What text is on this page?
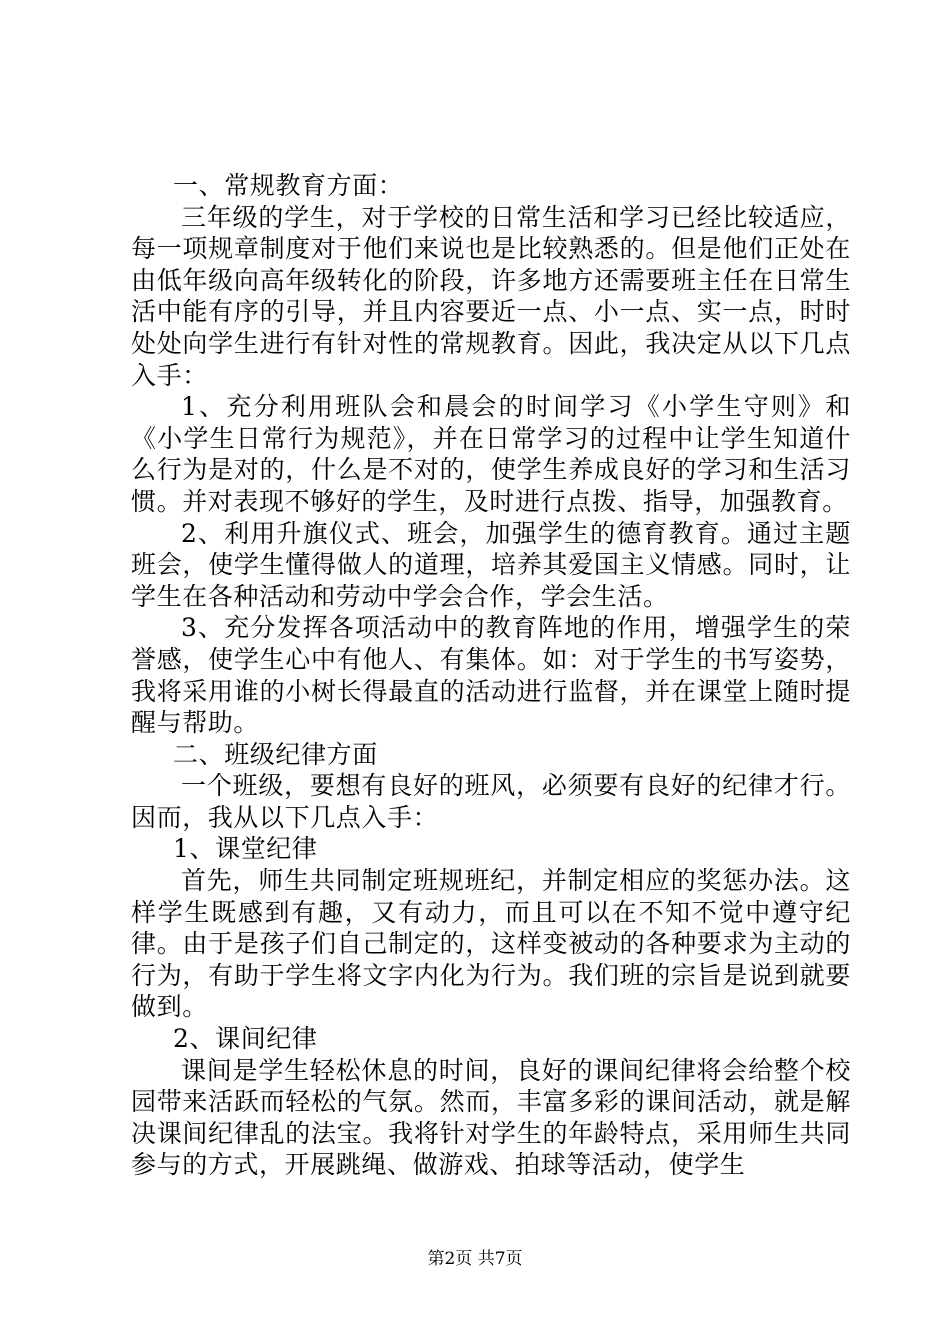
一、常规教育方面：

三年级的学生，对于学校的日常生活和学习已经比较适应，每一项规章制度对于他们来说也是比较熟悉的。但是他们正处在由低年级向高年级转化的阶段，许多地方还需要班主任在日常生活中能有序的引导，并且内容要近一点、小一点、实一点，时时处处向学生进行有针对性的常规教育。因此，我决定从以下几点入手：

1、充分利用班队会和晨会的时间学习《小学生守则》和《小学生日常行为规范》，并在日常学习的过程中让学生知道什么行为是对的，什么是不对的，使学生养成良好的学习和生活习惯。并对表现不够好的学生，及时进行点拨、指导，加强教育。

2、利用升旗仪式、班会，加强学生的德育教育。通过主题班会，使学生懂得做人的道理，培养其爱国主义情感。同时，让学生在各种活动和劳动中学会合作，学会生活。

3、充分发挥各项活动中的教育阵地的作用，增强学生的荣誉感，使学生心中有他人、有集体。如：对于学生的书写姿势，我将采用谁的小树长得最直的活动进行监督，并在课堂上随时提醒与帮助。

二、班级纪律方面

一个班级，要想有良好的班风，必须要有良好的纪律才行。因而，我从以下几点入手：

1、课堂纪律

首先，师生共同制定班规班纪，并制定相应的奖惩办法。这样学生既感到有趣，又有动力，而且可以在不知不觉中遵守纪律。由于是孩子们自己制定的，这样变被动的各种要求为主动的行为，有助于学生将文字内化为行为。我们班的宗旨是说到就要做到。

2、课间纪律

课间是学生轻松休息的时间，良好的课间纪律将会给整个校园带来活跃而轻松的气氛。然而，丰富多彩的课间活动，就是解决课间纪律乱的法宝。我将针对学生的年龄特点，采用师生共同参与的方式，开展跳绳、做游戏、拍球等活动，使学生

第2页 共7页
